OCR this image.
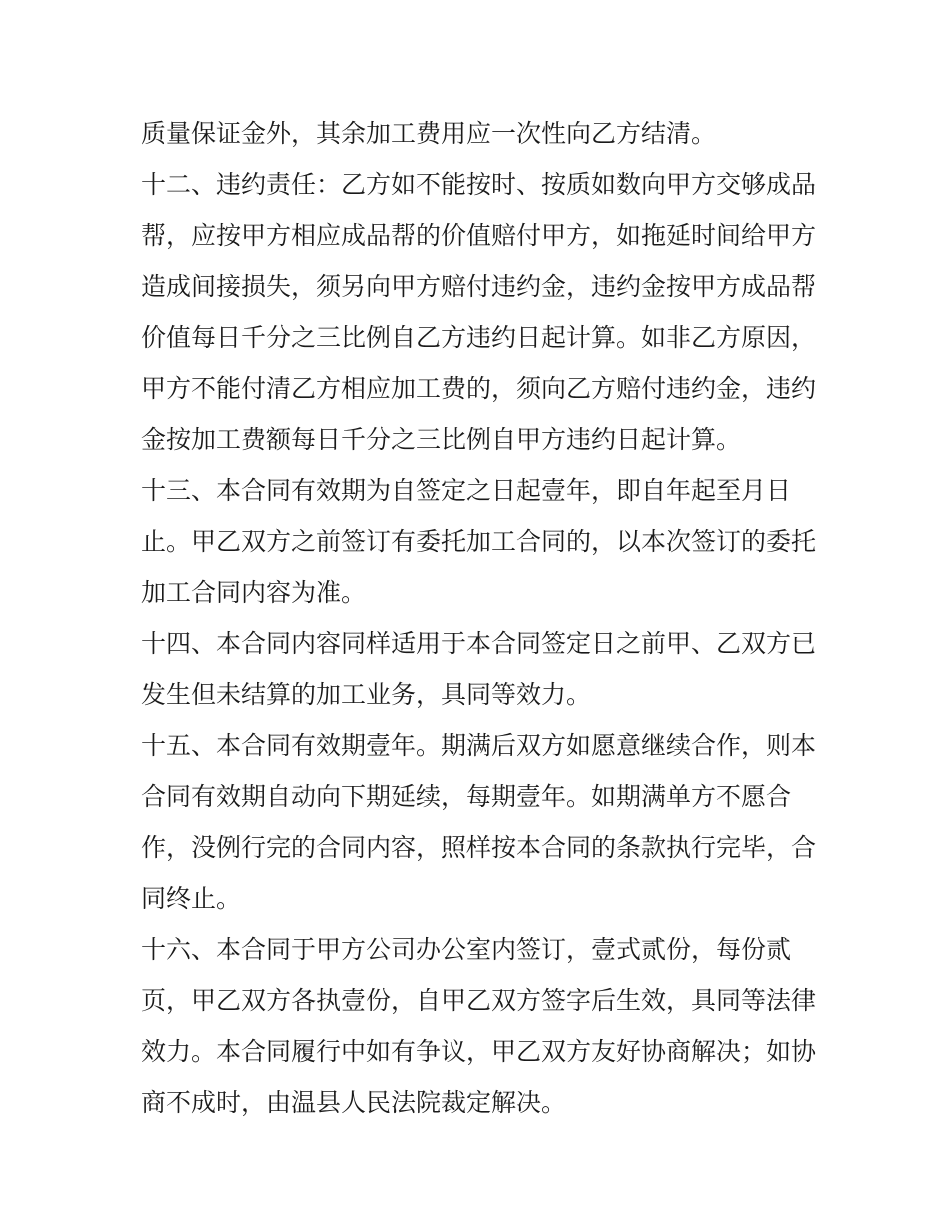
质量保证金外，其余加工费用应一次性向乙方结清。
十二、违约责任：乙方如不能按时、按质如数向甲方交够成品
帮，应按甲方相应成品帮的价值赔付甲方，如拖延时间给甲方
造成间接损失，须另向甲方赔付违约金，违约金按甲方成品帮
价值每日千分之三比例自乙方违约日起计算。如非乙方原因，
甲方不能付清乙方相应加工费的，须向乙方赔付违约金，违约
金按加工费额每日千分之三比例自甲方违约日起计算。
十三、本合同有效期为自签定之日起壹年，即自年起至月日
止。甲乙双方之前签订有委托加工合同的，以本次签订的委托
加工合同内容为准。
十四、本合同内容同样适用于本合同签定日之前甲、乙双方已
发生但未结算的加工业务，具同等效力。
十五、本合同有效期壹年。期满后双方如愿意继续合作，则本
合同有效期自动向下期延续，每期壹年。如期满单方不愿合
作，没例行完的合同内容，照样按本合同的条款执行完毕，合
同终止。
十六、本合同于甲方公司办公室内签订，壹式贰份，每份贰
页，甲乙双方各执壹份，自甲乙双方签字后生效，具同等法律
效力。本合同履行中如有争议，甲乙双方友好协商解决；如协
商不成时，由温县人民法院裁定解决。
